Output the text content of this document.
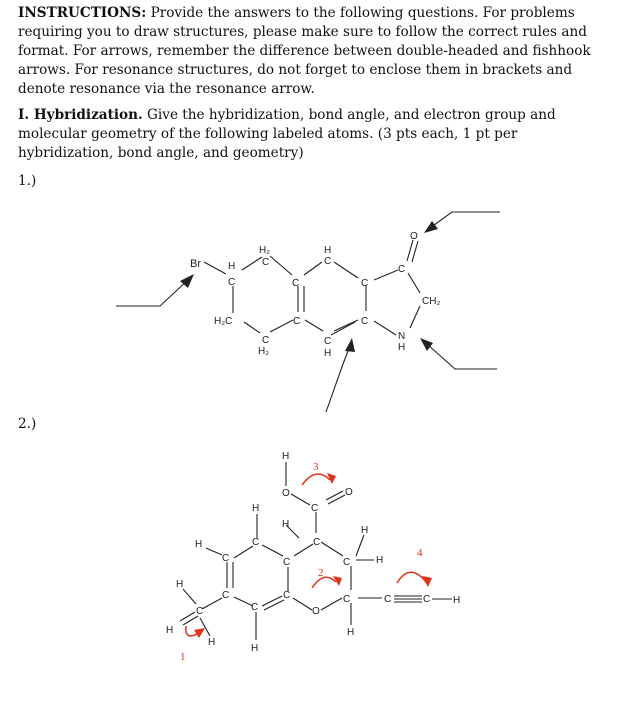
INSTRUCTIONS: Provide the answers to the following questions. For problems requiring you to draw structures, please make sure to follow the correct rules and format. For arrows, remember the difference between double-headed and fishhook arrows. For resonance structures, do not forget to enclose them in brackets and denote resonance via the resonance arrow.
I. Hybridization. Give the hybridization, bond angle, and electron group and molecular geometry of the following labeled atoms. (3 pts each, 1 pt per hybridization, bond angle, and geometry)
1.)
2.)
Br	H
C
H₂
C
C
H₂C	C
C
H₂
H
C
C
C
O
CH₂
C
N
H
C
H
H
O
C
O
H
C
H
C
C	C
H
H
H
C
C
C
H
C
O
C
H
C	C H
H
C
H
H
1
2
3
4
